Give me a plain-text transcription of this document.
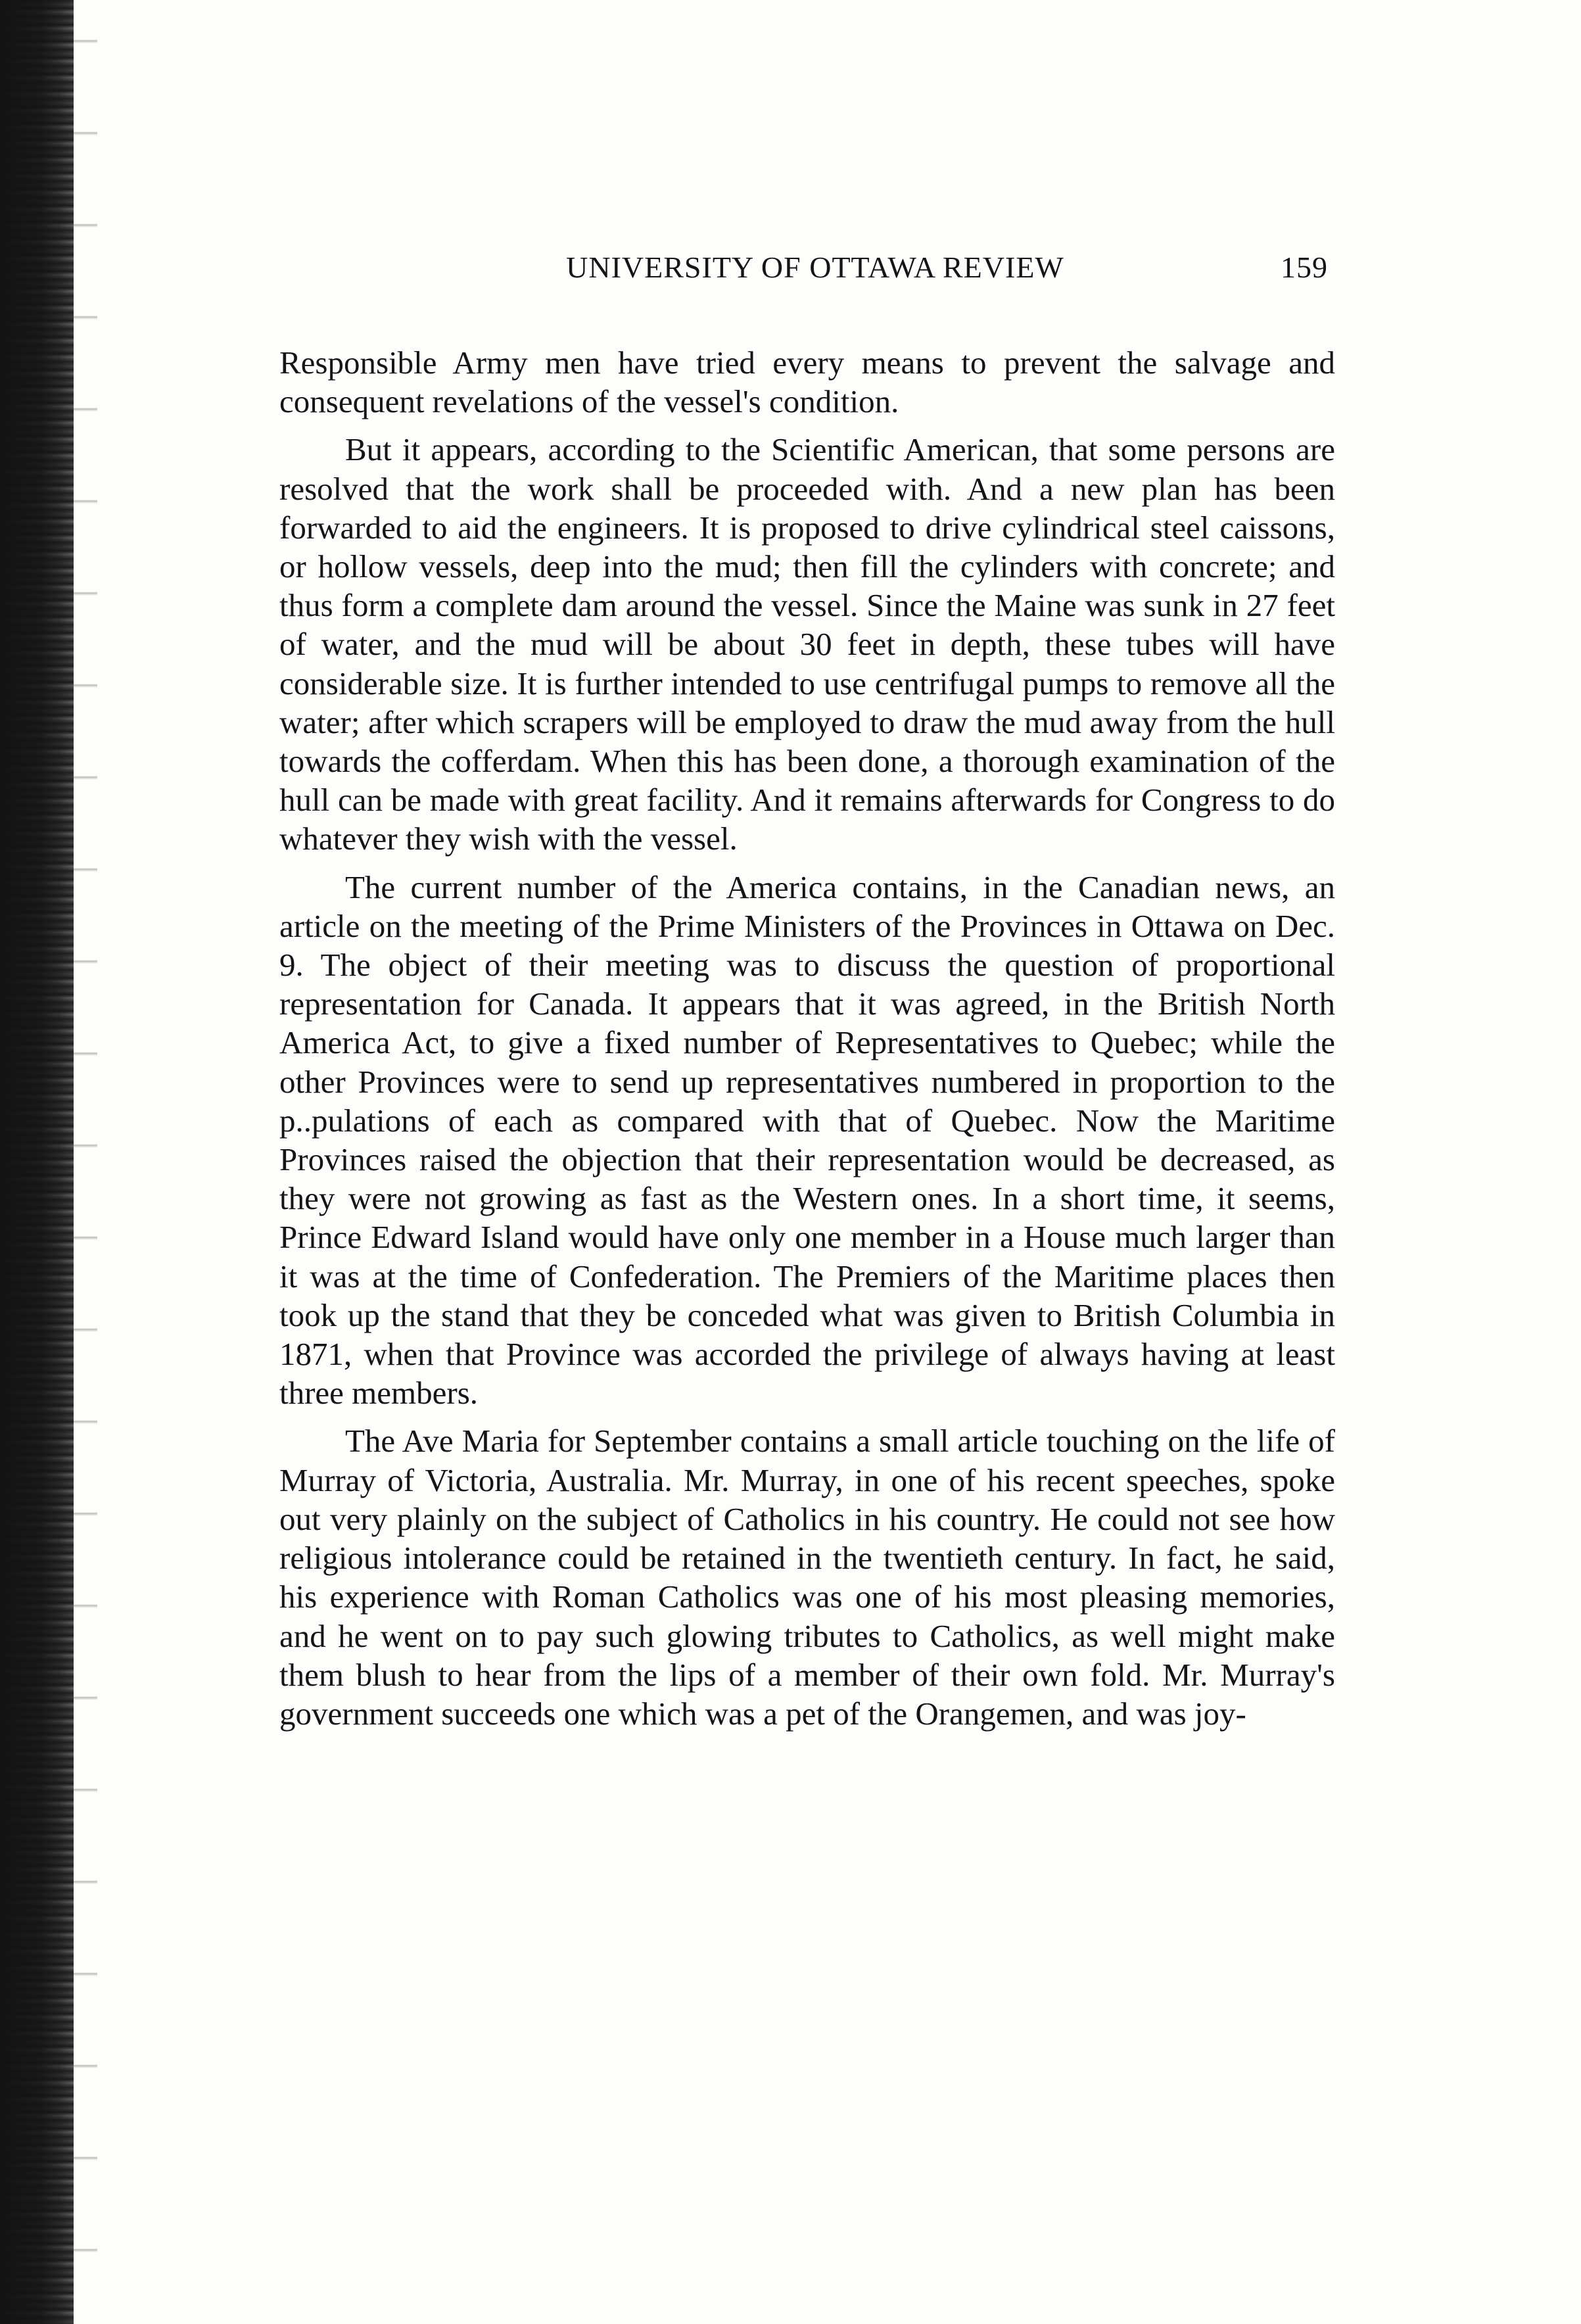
UNIVERSITY OF OTTAWA REVIEW	159

Responsible Army men have tried every means to prevent the salvage and consequent revelations of the vessel's condition.

But it appears, according to the Scientific American, that some persons are resolved that the work shall be proceeded with. And a new plan has been forwarded to aid the engineers. It is proposed to drive cylindrical steel caissons, or hollow vessels, deep into the mud; then fill the cylinders with concrete; and thus form a complete dam around the vessel. Since the Maine was sunk in 27 feet of water, and the mud will be about 30 feet in depth, these tubes will have considerable size. It is further intended to use centrifugal pumps to remove all the water; after which scrapers will be employed to draw the mud away from the hull towards the cofferdam. When this has been done, a thorough examination of the hull can be made with great facility. And it remains afterwards for Congress to do whatever they wish with the vessel.

The current number of the America contains, in the Canadian news, an article on the meeting of the Prime Ministers of the Provinces in Ottawa on Dec. 9. The object of their meeting was to discuss the question of proportional representation for Canada. It appears that it was agreed, in the British North America Act, to give a fixed number of Representatives to Quebec; while the other Provinces were to send up representatives numbered in proportion to the p..pulations of each as compared with that of Quebec. Now the Maritime Provinces raised the objection that their representation would be decreased, as they were not growing as fast as the Western ones. In a short time, it seems, Prince Edward Island would have only one member in a House much larger than it was at the time of Confederation. The Premiers of the Maritime places then took up the stand that they be conceded what was given to British Columbia in 1871, when that Province was accorded the privilege of always having at least three members.

The Ave Maria for September contains a small article touching on the life of Murray of Victoria, Australia. Mr. Murray, in one of his recent speeches, spoke out very plainly on the subject of Catholics in his country. He could not see how religious intolerance could be retained in the twentieth century. In fact, he said, his experience with Roman Catholics was one of his most pleasing memories, and he went on to pay such glowing tributes to Catholics, as well might make them blush to hear from the lips of a member of their own fold. Mr. Murray's government succeeds one which was a pet of the Orangemen, and was joy-
